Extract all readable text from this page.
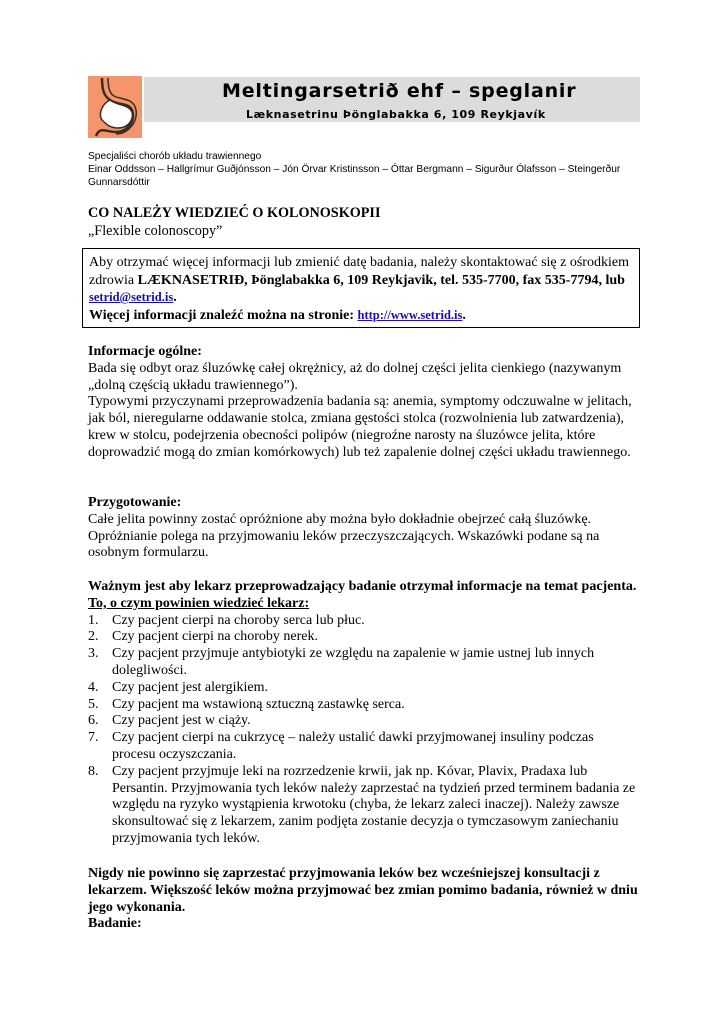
Meltingarsetrið ehf – speglanir
Læknasetrinu Þönglabakka 6, 109 Reykjavík
Specjaliści chorób układu trawiennego
Einar Oddsson – Hallgrímur Guðjónsson – Jón Örvar Kristinsson – Óttar Bergmann – Sigurður Ólafsson – Steingerður Gunnarsdóttir
CO NALEŻY WIEDZIEĆ O KOLONOSKOPII
„Flexible colonoscopy”
Aby otrzymać więcej informacji lub zmienić datę badania, należy skontaktować się z ośrodkiem zdrowia LÆKNASETRIÐ, Þönglabakka 6, 109 Reykjavik, tel. 535-7700, fax 535-7794, lub setrid@setrid.is.
Więcej informacji znaleźć można na stronie: http://www.setrid.is.
Informacje ogólne:
Bada się odbyt oraz śluzówkę całej okrężnicy, aż do dolnej części jelita cienkiego (nazywanym „dolną częścią układu trawiennego”).
Typowymi przyczynami przeprowadzenia badania są: anemia, symptomy odczuwalne w jelitach, jak ból, nieregularne oddawanie stolca, zmiana gęstości stolca (rozwolnienia lub zatwardzenia), krew w stolcu, podejrzenia obecności polipów (niegroźne narosty na śluzówce jelita, które doprowadzić mogą do zmian komórkowych) lub też zapalenie dolnej części układu trawiennego.
Przygotowanie:
Całe jelita powinny zostać opróżnione aby można było dokładnie obejrzeć całą śluzówkę. Opróżnianie polega na przyjmowaniu leków przeczyszczających. Wskazówki podane są na osobnym formularzu.
Ważnym jest aby lekarz przeprowadzający badanie otrzymał informacje na temat pacjenta. To, o czym powinien wiedzieć lekarz:
1. Czy pacjent cierpi na choroby serca lub płuc.
2. Czy pacjent cierpi na choroby nerek.
3. Czy pacjent przyjmuje antybiotyki ze względu na zapalenie w jamie ustnej lub innych dolegliwości.
4. Czy pacjent jest alergikiem.
5. Czy pacjent ma wstawioną sztuczną zastawkę serca.
6. Czy pacjent jest w ciąży.
7. Czy pacjent cierpi na cukrzycę – należy ustalić dawki przyjmowanej insuliny podczas procesu oczyszczania.
8. Czy pacjent przyjmuje leki na rozrzedzenie krwii, jak np. Kóvar, Plavix, Pradaxa lub Persantin. Przyjmowania tych leków należy zaprzestać na tydzień przed terminem badania ze względu na ryzyko wystąpienia krwotoku (chyba, że lekarz zaleci inaczej). Należy zawsze skonsultować się z lekarzem, zanim podjęta zostanie decyzja o tymczasowym zaniechaniu przyjmowania tych leków.
Nigdy nie powinno się zaprzestać przyjmowania leków bez wcześniejszej konsultacji z lekarzem. Większość leków można przyjmować bez zmian pomimo badania, również w dniu jego wykonania.
Badanie:
